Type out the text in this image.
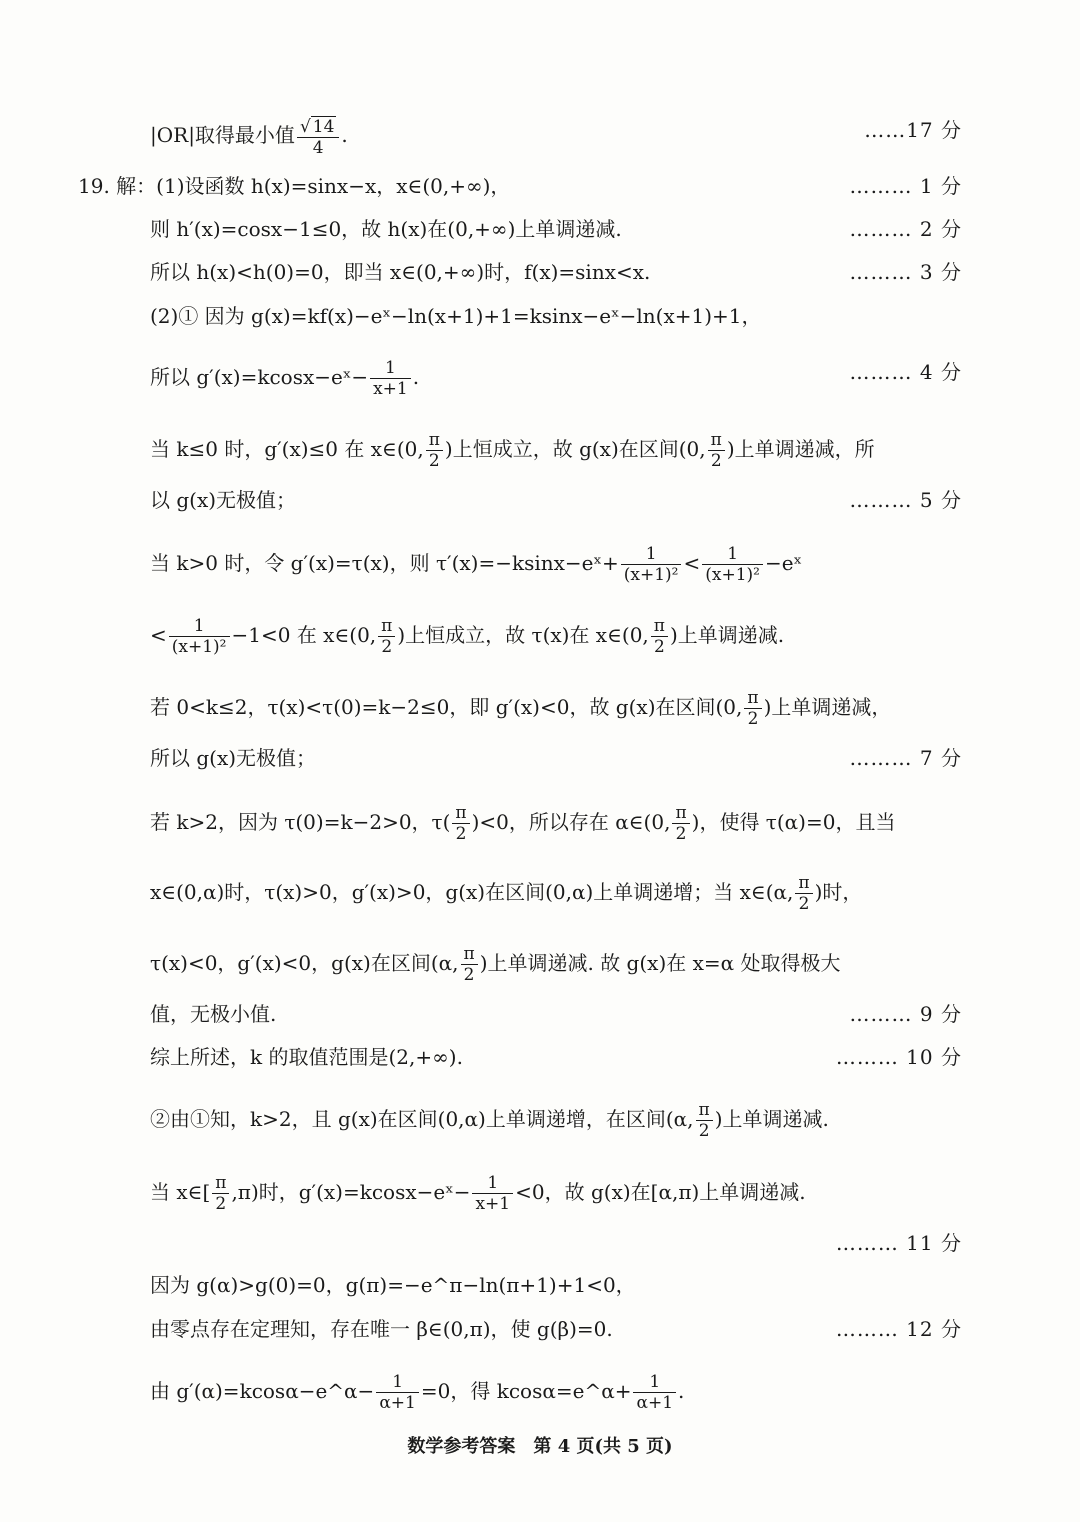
|OR|取得最小值 $\frac{√ 14}{4}$ .	……17 分
19. 解：(1)设函数 h(x)=sinx−x，x∈(0,+∞)，	……… 1 分
则 h′(x)=cosx−1≤0，故 h(x)在(0,+∞)上单调递减.	……… 2 分
所以 h(x)<h(0)=0，即当 x∈(0,+∞)时，f(x)=sinx<x.	……… 3 分
(2)① 因为 g(x)=kf(x)−eˣ−ln(x+1)+1=ksinx−eˣ−ln(x+1)+1，
所以 g′(x)=kcosx−eˣ− $\frac{1}{x+1}$ .	……… 4 分
当 k≤0 时，g′(x)≤0 在 x∈(0, $\frac{\pi}{2}$ )上恒成立，故 g(x)在区间(0, $\frac{\pi}{2}$ )上单调递减，所
以 g(x)无极值；	……… 5 分
当 k>0 时，令 g′(x)=τ(x)，则 τ′(x)=−ksinx−eˣ+ $\frac{1}{\text{(x+1)²}} < \frac{1}{\text{(x+1)²}}$ −eˣ
< $\frac{1}{\text{(x+1)²}} -1<0$ 在 x∈(0, $\frac{\pi}{2}$ )上恒成立，故 τ(x)在 x∈(0, $\frac{\pi}{2}$ )上单调递减.
若 0<k≤2，τ(x)<τ(0)=k−2≤0，即 g′(x)<0，故 g(x)在区间(0, $\frac{\pi}{2}$ )上单调递减，
所以 g(x)无极值；	……… 7 分
若 k>2，因为 τ(0)=k−2>0，$\tau( \frac{\pi}{2} )<0$，所以存在 α∈(0, $\frac{\pi}{2}$ )，使得 τ(α)=0，且当
x∈(0,α)时，τ(x)>0，g′(x)>0，g(x)在区间(0,α)上单调递增；当 x∈(α, $\frac{\pi}{2}$ )时，
τ(x)<0，g′(x)<0，g(x)在区间(α, $\frac{\pi}{2}$ )上单调递减. 故 g(x)在 x=α 处取得极大
值，无极小值.	……… 9 分
综上所述，k 的取值范围是(2,+∞).	……… 10 分
②由①知，k>2，且 g(x)在区间(0,α)上单调递增，在区间(α, $\frac{\pi}{2}$ )上单调递减.
当 x∈[ $\frac{\pi}{2} ,\pi$)时，g′(x)=kcosx−eˣ− $\frac{1}{x+1} <0$，故 g(x)在[α,π)上单调递减.
……… 11 分
因为 g(α)>g(0)=0，g(π)=−e^π−ln(π+1)+1<0，
由零点存在定理知，存在唯一 β∈(0,π)，使 g(β)=0.	……… 12 分
由 g′(α)=kcosα−e^α− $\frac{1}{\alpha+1} =0$，得 kcosα=e^α+ $\frac{1}{\alpha+1}$ .
数学参考答案　第 4 页(共 5 页)
